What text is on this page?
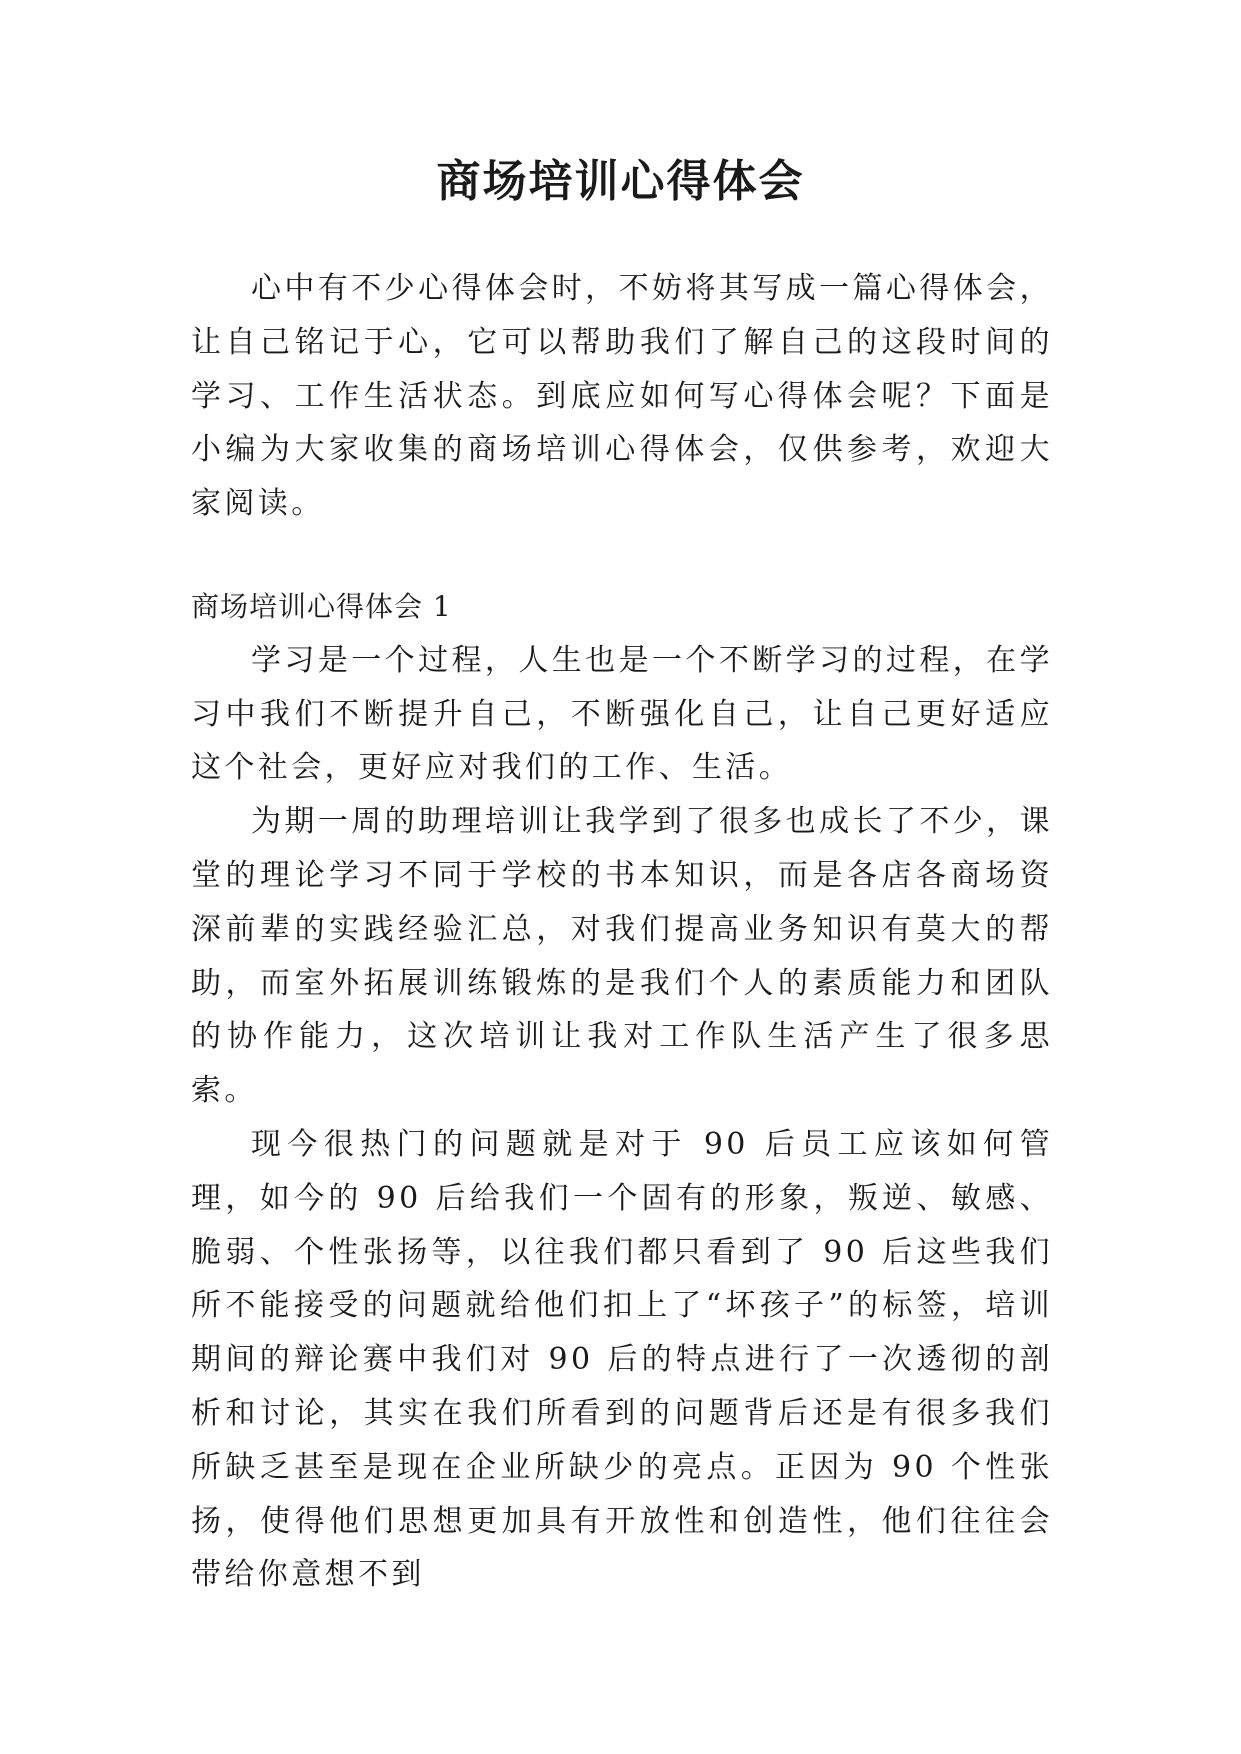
商场培训心得体会

心中有不少心得体会时，不妨将其写成一篇心得体会，让自己铭记于心，它可以帮助我们了解自己的这段时间的学习、工作生活状态。到底应如何写心得体会呢？下面是小编为大家收集的商场培训心得体会，仅供参考，欢迎大家阅读。

商场培训心得体会 1

学习是一个过程，人生也是一个不断学习的过程，在学习中我们不断提升自己，不断强化自己，让自己更好适应这个社会，更好应对我们的工作、生活。

为期一周的助理培训让我学到了很多也成长了不少，课堂的理论学习不同于学校的书本知识，而是各店各商场资深前辈的实践经验汇总，对我们提高业务知识有莫大的帮助，而室外拓展训练锻炼的是我们个人的素质能力和团队的协作能力，这次培训让我对工作队生活产生了很多思索。

现今很热门的问题就是对于 90 后员工应该如何管理，如今的 90 后给我们一个固有的形象，叛逆、敏感、脆弱、个性张扬等，以往我们都只看到了 90 后这些我们所不能接受的问题就给他们扣上了“坏孩子”的标签，培训期间的辩论赛中我们对 90 后的特点进行了一次透彻的剖析和讨论，其实在我们所看到的问题背后还是有很多我们所缺乏甚至是现在企业所缺少的亮点。正因为 90 个性张扬，使得他们思想更加具有开放性和创造性，他们往往会带给你意想不到
